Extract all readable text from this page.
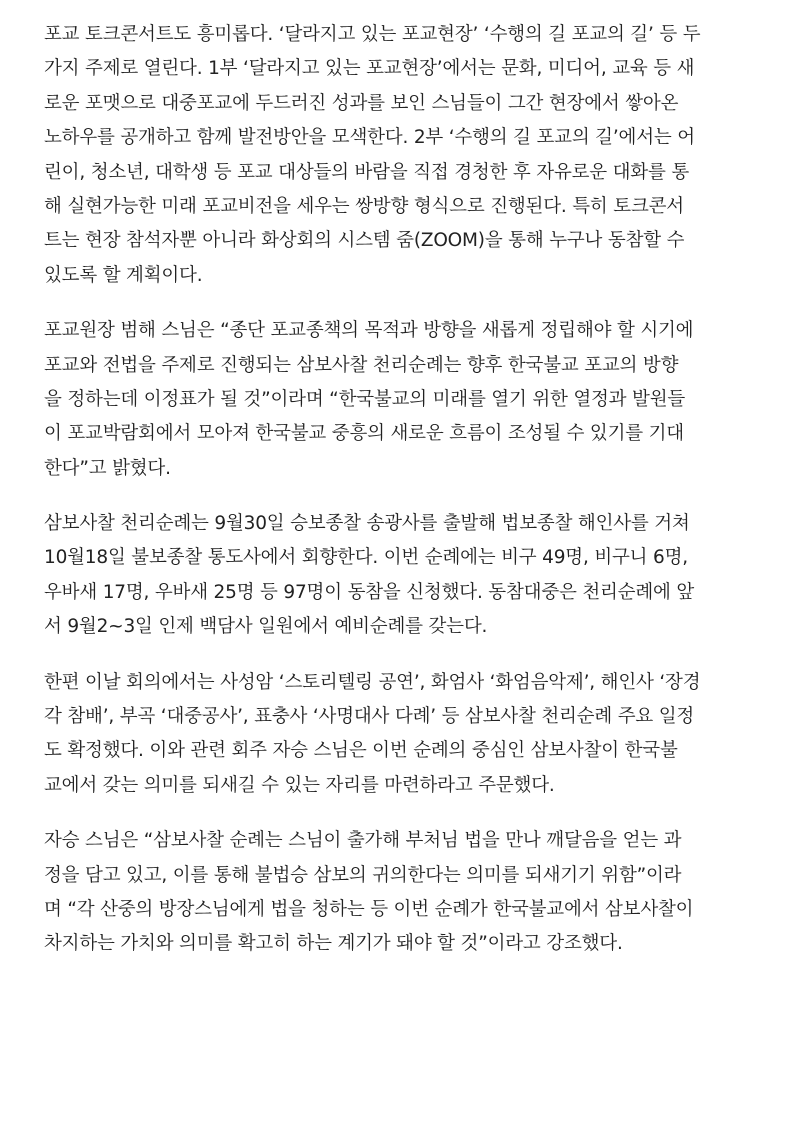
포교 토크콘서트도 흥미롭다. ‘달라지고 있는 포교현장’ ‘수행의 길 포교의 길’ 등 두
가지 주제로 열린다. 1부 ‘달라지고 있는 포교현장’에서는 문화, 미디어, 교육 등 새
로운 포맷으로 대중포교에 두드러진 성과를 보인 스님들이 그간 현장에서 쌓아온
노하우를 공개하고 함께 발전방안을 모색한다. 2부 ‘수행의 길 포교의 길’에서는 어
린이, 청소년, 대학생 등 포교 대상들의 바람을 직접 경청한 후 자유로운 대화를 통
해 실현가능한 미래 포교비전을 세우는 쌍방향 형식으로 진행된다. 특히 토크콘서
트는 현장 참석자뿐 아니라 화상회의 시스템 줌(ZOOM)을 통해 누구나 동참할 수
있도록 할 계획이다.
포교원장 범해 스님은 “종단 포교종책의 목적과 방향을 새롭게 정립해야 할 시기에
포교와 전법을 주제로 진행되는 삼보사찰 천리순례는 향후 한국불교 포교의 방향
을 정하는데 이정표가 될 것”이라며 “한국불교의 미래를 열기 위한 열정과 발원들
이 포교박람회에서 모아져 한국불교 중흥의 새로운 흐름이 조성될 수 있기를 기대
한다”고 밝혔다.
삼보사찰 천리순례는 9월30일 승보종찰 송광사를 출발해 법보종찰 해인사를 거쳐
10월18일 불보종찰 통도사에서 회향한다. 이번 순례에는 비구 49명, 비구니 6명,
우바새 17명, 우바새 25명 등 97명이 동참을 신청했다. 동참대중은 천리순례에 앞
서 9월2~3일 인제 백담사 일원에서 예비순례를 갖는다.
한편 이날 회의에서는 사성암 ‘스토리텔링 공연’, 화엄사 ‘화엄음악제’, 해인사 ‘장경
각 참배’, 부곡 ‘대중공사’, 표충사 ‘사명대사 다례’ 등 삼보사찰 천리순례 주요 일정
도 확정했다. 이와 관련 회주 자승 스님은 이번 순례의 중심인 삼보사찰이 한국불
교에서 갖는 의미를 되새길 수 있는 자리를 마련하라고 주문했다.
자승 스님은 “삼보사찰 순례는 스님이 출가해 부처님 법을 만나 깨달음을 얻는 과
정을 담고 있고, 이를 통해 불법승 삼보의 귀의한다는 의미를 되새기기 위함”이라
며 “각 산중의 방장스님에게 법을 청하는 등 이번 순례가 한국불교에서 삼보사찰이
차지하는 가치와 의미를 확고히 하는 계기가 돼야 할 것”이라고 강조했다.
